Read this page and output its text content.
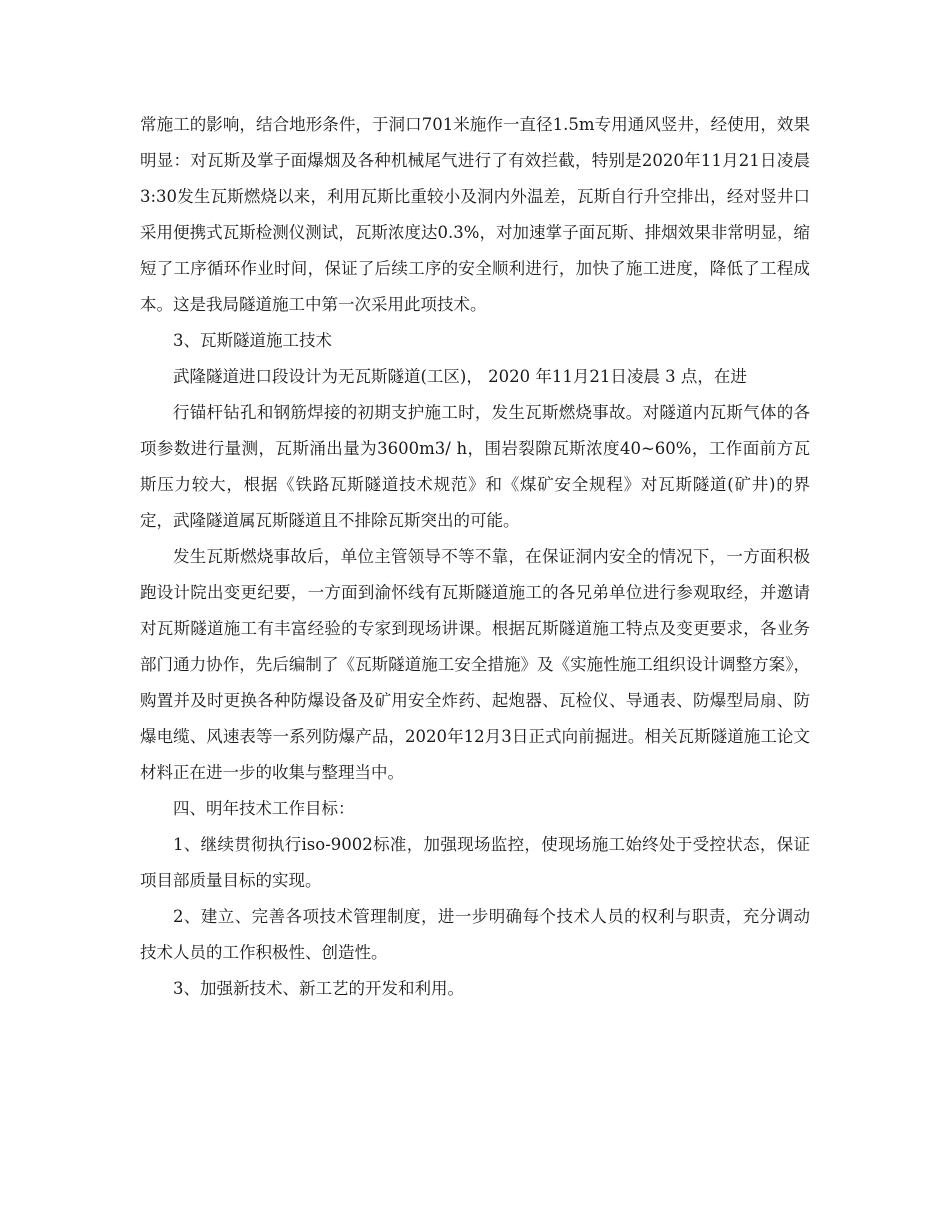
常施工的影响，结合地形条件，于洞口701米施作一直径1.5m专用通风竖井，经使用，效果明显：对瓦斯及掌子面爆烟及各种机械尾气进行了有效拦截，特别是2020年11月21日凌晨3:30发生瓦斯燃烧以来，利用瓦斯比重较小及洞内外温差，瓦斯自行升空排出，经对竖井口采用便携式瓦斯检测仪测试，瓦斯浓度达0.3%，对加速掌子面瓦斯、排烟效果非常明显，缩短了工序循环作业时间，保证了后续工序的安全顺利进行，加快了施工进度，降低了工程成本。这是我局隧道施工中第一次采用此项技术。

3、瓦斯隧道施工技术

武隆隧道进口段设计为无瓦斯隧道(工区)， 2020 年11月21日凌晨 3 点，在进

行锚杆钻孔和钢筋焊接的初期支护施工时，发生瓦斯燃烧事故。对隧道内瓦斯气体的各项参数进行量测，瓦斯涌出量为3600m3/ h，围岩裂隙瓦斯浓度40~60%，工作面前方瓦斯压力较大，根据《铁路瓦斯隧道技术规范》和《煤矿安全规程》对瓦斯隧道(矿井)的界定，武隆隧道属瓦斯隧道且不排除瓦斯突出的可能。

发生瓦斯燃烧事故后，单位主管领导不等不靠，在保证洞内安全的情况下，一方面积极跑设计院出变更纪要，一方面到渝怀线有瓦斯隧道施工的各兄弟单位进行参观取经，并邀请对瓦斯隧道施工有丰富经验的专家到现场讲课。根据瓦斯隧道施工特点及变更要求，各业务部门通力协作，先后编制了《瓦斯隧道施工安全措施》及《实施性施工组织设计调整方案》，购置并及时更换各种防爆设备及矿用安全炸药、起炮器、瓦检仪、导通表、防爆型局扇、防爆电缆、风速表等一系列防爆产品，2020年12月3日正式向前掘进。相关瓦斯隧道施工论文材料正在进一步的收集与整理当中。

四、明年技术工作目标：

1、继续贯彻执行iso-9002标准，加强现场监控，使现场施工始终处于受控状态，保证项目部质量目标的实现。

2、建立、完善各项技术管理制度，进一步明确每个技术人员的权利与职责，充分调动技术人员的工作积极性、创造性。

3、加强新技术、新工艺的开发和利用。
